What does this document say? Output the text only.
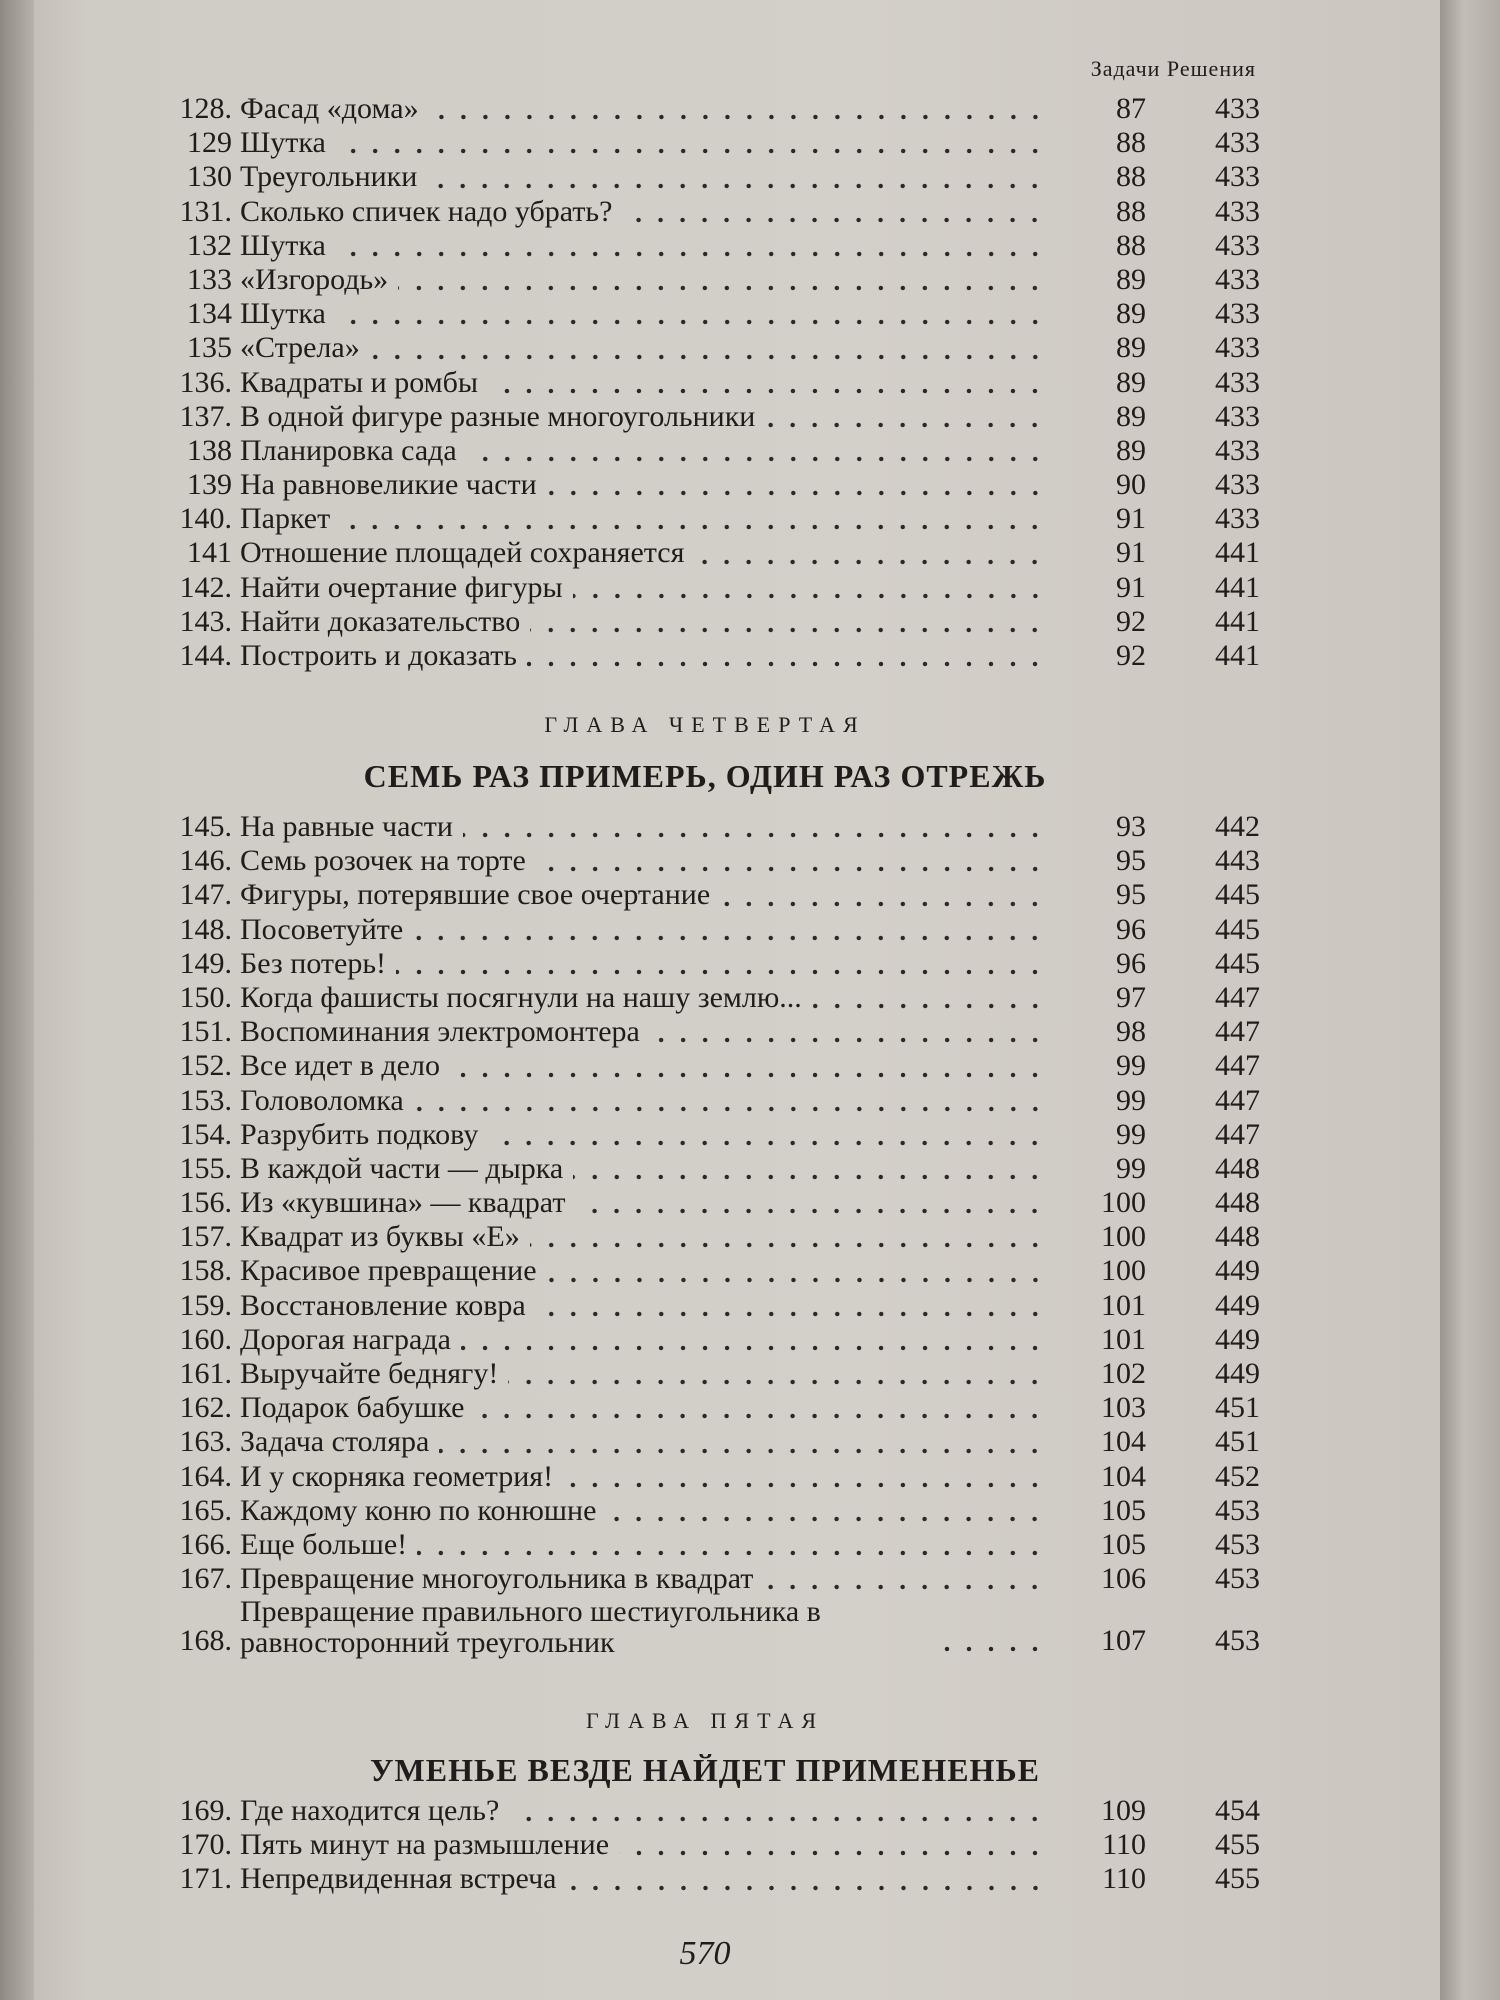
Задачи Решения
128. Фасад «дома»	87	433
129 Шутка	88	433
130 Треугольники	88	433
131. Сколько спичек надо убрать?	88	433
132 Шутка	88	433
133 «Изгородь»	89	433
134 Шутка	89	433
135 «Стрела»	89	433
136. Квадраты и ромбы	89	433
137. В одной фигуре разные многоугольники	89	433
138 Планировка сада	89	433
139 На равновеликие части	90	433
140. Паркет	91	433
141 Отношение площадей сохраняется	91	441
142. Найти очертание фигуры	91	441
143. Найти доказательство	92	441
144. Построить и доказать	92	441
ГЛАВА ЧЕТВЕРТАЯ
СЕМЬ РАЗ ПРИМЕРЬ, ОДИН РАЗ ОТРЕЖЬ
145. На равные части	93	442
146. Семь розочек на торте	95	443
147. Фигуры, потерявшие свое очертание	95	445
148. Посоветуйте	96	445
149. Без потерь!	96	445
150. Когда фашисты посягнули на нашу землю...	97	447
151. Воспоминания электромонтера	98	447
152. Все идет в дело	99	447
153. Головоломка	99	447
154. Разрубить подкову	99	447
155. В каждой части — дырка	99	448
156. Из «кувшина» — квадрат	100	448
157. Квадрат из буквы «Е»	100	448
158. Красивое превращение	100	449
159. Восстановление ковра	101	449
160. Дорогая награда	101	449
161. Выручайте беднягу!	102	449
162. Подарок бабушке	103	451
163. Задача столяра	104	451
164. И у скорняка геометрия!	104	452
165. Каждому коню по конюшне	105	453
166. Еще больше!	105	453
167. Превращение многоугольника в квадрат	106	453
168.
Превращение правильного шестиугольника в равносторонний треугольник	107	453
ГЛАВА ПЯТАЯ
УМЕНЬЕ ВЕЗДЕ НАЙДЕТ ПРИМЕНЕНЬЕ
169. Где находится цель?	109	454
170. Пять минут на размышление	110	455
171. Непредвиденная встреча	110	455
570
